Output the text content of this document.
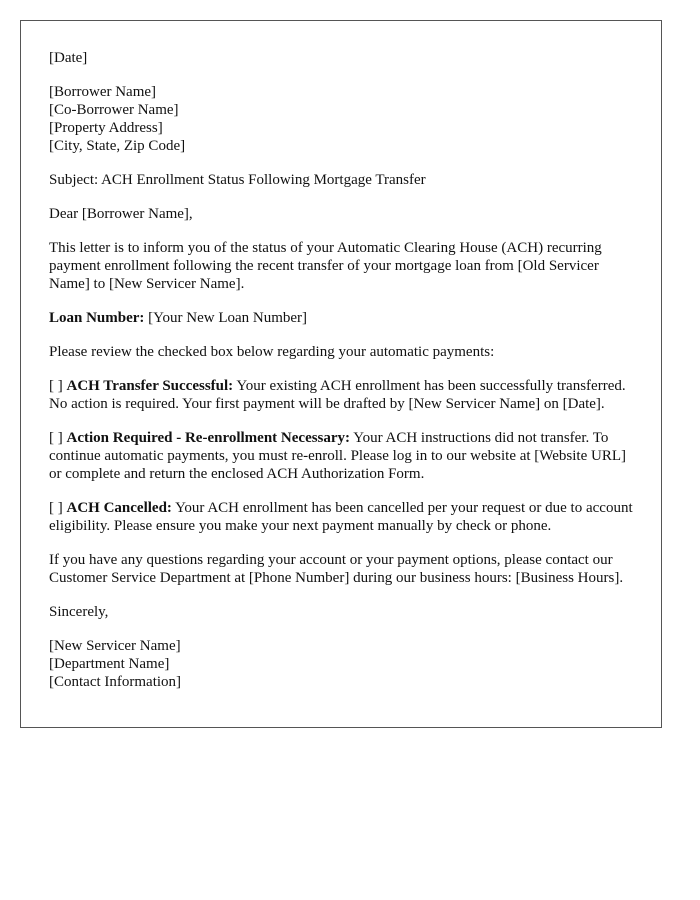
[Date]

[Borrower Name]
[Co-Borrower Name]
[Property Address]
[City, State, Zip Code]

Subject: ACH Enrollment Status Following Mortgage Transfer

Dear [Borrower Name],

This letter is to inform you of the status of your Automatic Clearing House (ACH) recurring payment enrollment following the recent transfer of your mortgage loan from [Old Servicer Name] to [New Servicer Name].

Loan Number: [Your New Loan Number]

Please review the checked box below regarding your automatic payments:

[ ] ACH Transfer Successful: Your existing ACH enrollment has been successfully transferred. No action is required. Your first payment will be drafted by [New Servicer Name] on [Date].

[ ] Action Required - Re-enrollment Necessary: Your ACH instructions did not transfer. To continue automatic payments, you must re-enroll. Please log in to our website at [Website URL] or complete and return the enclosed ACH Authorization Form.

[ ] ACH Cancelled: Your ACH enrollment has been cancelled per your request or due to account eligibility. Please ensure you make your next payment manually by check or phone.

If you have any questions regarding your account or your payment options, please contact our Customer Service Department at [Phone Number] during our business hours: [Business Hours].

Sincerely,

[New Servicer Name]
[Department Name]
[Contact Information]
